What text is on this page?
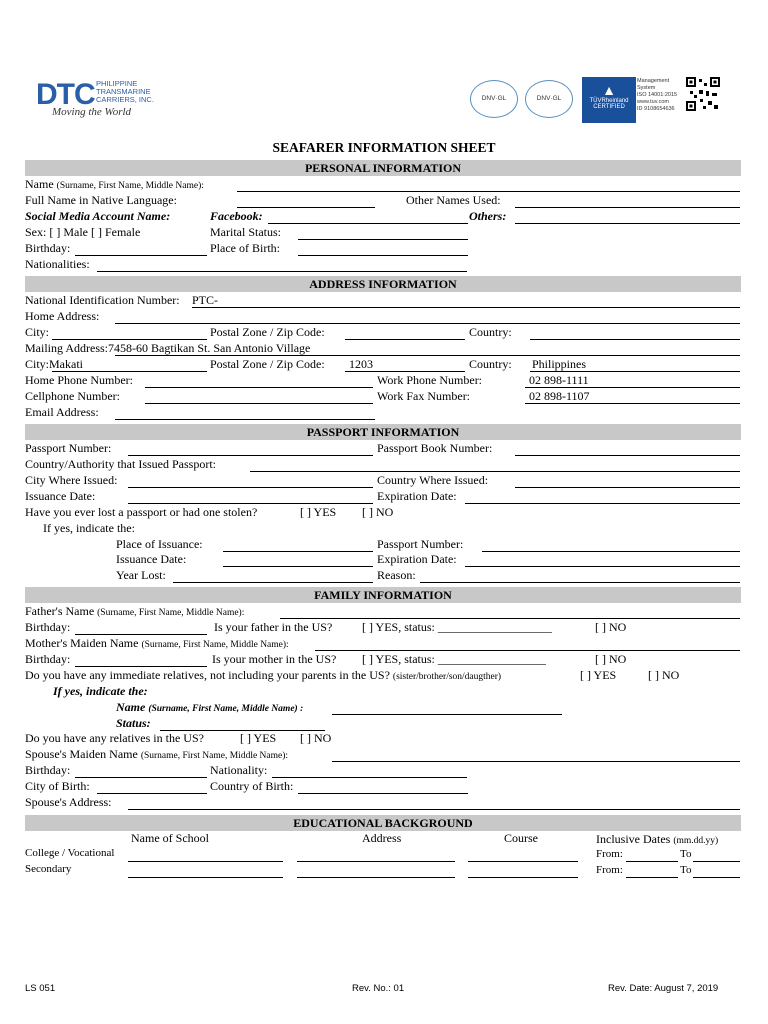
DTC PHILIPPINE
TRANSMARINE
CARRIERS, INC.
Moving the World
DNV·GL	DNV·GL
▲
TÜVRheinland
CERTIFIED
Management
System
ISO 14001:2015
www.tuv.com
ID 9108654636
SEAFARER INFORMATION SHEET
PERSONAL INFORMATION
Name (Surname, First Name, Middle Name):
Full Name in Native Language:	Other Names Used:
Social Media Account Name:	Facebook:	Others:
Sex: [ ] Male [ ] Female	Marital Status:
Birthday:	Place of Birth:
Nationalities:
ADDRESS INFORMATION
National Identification Number: PTC-
Home Address:
City:	Postal Zone / Zip Code:	Country:
Mailing Address:7458-60 Bagtikan St. San Antonio Village
City:Makati	Postal Zone / Zip Code: 1203	Country: Philippines
Home Phone Number:	Work Phone Number:	02 898-1111
Cellphone Number:	Work Fax Number:	02 898-1107
Email Address:
PASSPORT INFORMATION
Passport Number:	Passport Book Number:
Country/Authority that Issued Passport:
City Where Issued:	Country Where Issued:
Issuance Date:	Expiration Date:
Have you ever lost a passport or had one stolen?	[ ] YES [ ] NO
If yes, indicate the:
Place of Issuance:	Passport Number:
Issuance Date:	Expiration Date:
Year Lost:	Reason:
FAMILY INFORMATION
Father's Name (Surname, First Name, Middle Name):
Birthday:	Is your father in the US? [ ] YES, status: ___________________	[ ] NO
Mother's Maiden Name (Surname, First Name, Middle Name):
Birthday:	Is your mother in the US? [ ] YES, status: __________________	[ ] NO
Do you have any immediate relatives, not including your parents in the US? (sister/brother/son/daugther)	[ ] YES	[ ] NO
If yes, indicate the:
Name (Surname, First Name, Middle Name) :
Status:
Do you have any relatives in the US?	[ ] YES [ ] NO
Spouse's Maiden Name (Surname, First Name, Middle Name):
Birthday:	Nationality:
City of Birth:	Country of Birth:
Spouse's Address:
EDUCATIONAL BACKGROUND
Name of School	Address	Course	Inclusive Dates (mm.dd.yy)
College / Vocational	From:	To
Secondary	From:	To
LS 051	Rev. No.: 01	Rev. Date: August 7, 2019
